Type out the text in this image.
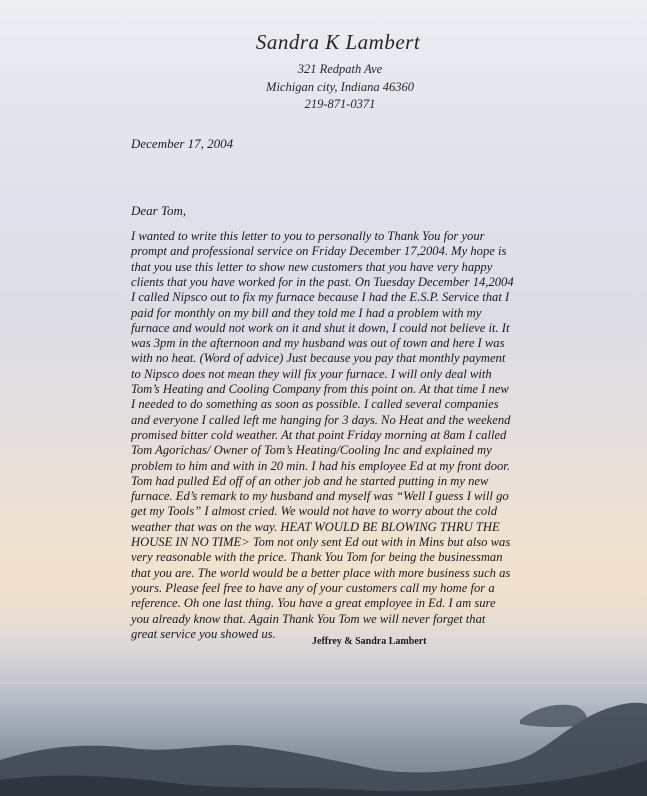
Sandra K Lambert
321 Redpath Ave
Michigan city, Indiana 46360
219-871-0371
December 17, 2004
Dear Tom,
I wanted to write this letter to you to personally to Thank You for your
prompt and professional service on Friday December 17,2004. My hope is
that you use this letter to show new customers that you have very happy
clients that you have worked for in the past. On Tuesday December 14,2004
I called Nipsco out to fix my furnace because I had the E.S.P. Service that I
paid for monthly on my bill and they told me I had a problem with my
furnace and would not work on it and shut it down, I could not believe it. It
was 3pm in the afternoon and my husband was out of town and here I was
with no heat. (Word of advice) Just because you pay that monthly payment
to Nipsco does not mean they will fix your furnace. I will only deal with
Tom’s Heating and Cooling Company from this point on. At that time I new
I needed to do something as soon as possible. I called several companies
and everyone I called left me hanging for 3 days. No Heat and the weekend
promised bitter cold weather. At that point Friday morning at 8am I called
Tom Agorichas/ Owner of Tom’s Heating/Cooling Inc and explained my
problem to him and with in 20 min. I had his employee Ed at my front door.
Tom had pulled Ed off of an other job and he started putting in my new
furnace. Ed’s remark to my husband and myself was “Well I guess I will go
get my Tools” I almost cried. We would not have to worry about the cold
weather that was on the way. HEAT WOULD BE BLOWING THRU THE
HOUSE IN NO TIME> Tom not only sent Ed out with in Mins but also was
very reasonable with the price. Thank You Tom for being the businessman
that you are. The world would be a better place with more business such as
yours. Please feel free to have any of your customers call my home for a
reference. Oh one last thing. You have a great employee in Ed. I am sure
you already know that. Again Thank You Tom we will never forget that
great service you showed us.
Jeffrey & Sandra Lambert
